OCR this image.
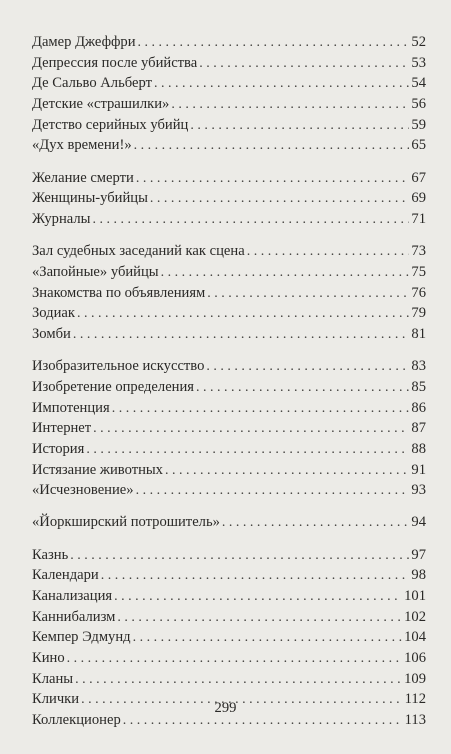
Дамер Джеффри . . .	52
Депрессия после убийства . . .	53
Де Сальво Альберт . . .	54
Детские «страшилки» . . .	56
Детство серийных убийц . . .	59
«Дух времени!» . . .	65
Желание смерти . . .	67
Женщины-убийцы . . .	69
Журналы . . .	71
Зал судебных заседаний как сцена . . .	73
«Запойные» убийцы . . .	75
Знакомства по объявлениям . . .	76
Зодиак . . .	79
Зомби . . .	81
Изобразительное искусство . . .	83
Изобретение определения . . .	85
Импотенция . . .	86
Интернет . . .	87
История . . .	88
Истязание животных . . .	91
«Исчезновение» . . .	93
«Йоркширский потрошитель» . . .	94
Казнь . . .	97
Календари . . .	98
Канализация . . .	101
Каннибализм . . .	102
Кемпер Эдмунд . . .	104
Кино . . .	106
Кланы . . .	109
Клички . . .	112
Коллекционер . . .	113
299
